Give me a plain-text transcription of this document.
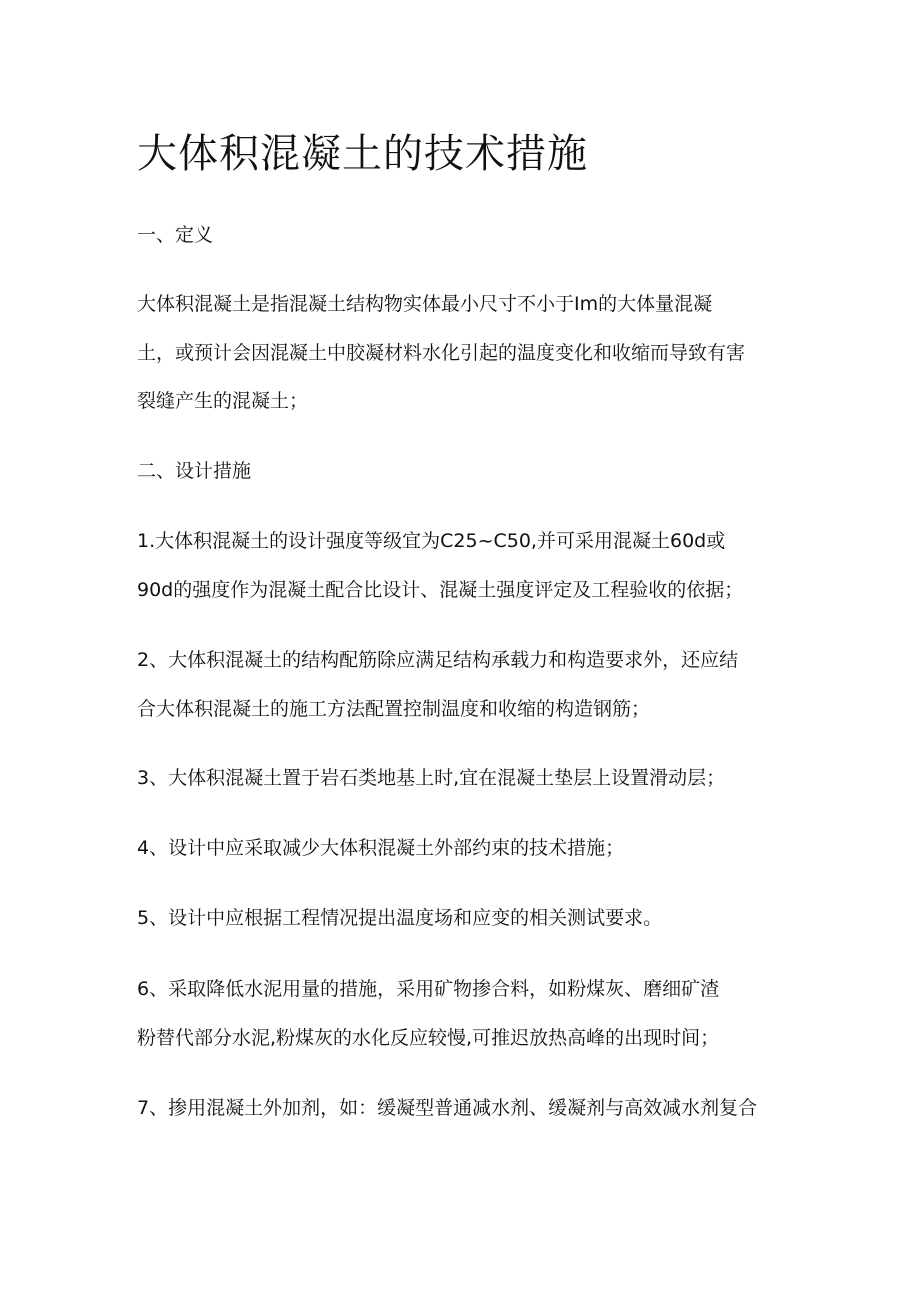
大体积混凝土的技术措施
一、定义

大体积混凝土是指混凝土结构物实体最小尺寸不小于Im的大体量混凝

土，或预计会因混凝土中胶凝材料水化引起的温度变化和收缩而导致有害

裂缝产生的混凝土；

二、设计措施

1.大体积混凝土的设计强度等级宜为C25~C50,并可采用混凝土60d或

90d的强度作为混凝土配合比设计、混凝土强度评定及工程验收的依据；

2、大体积混凝土的结构配筋除应满足结构承载力和构造要求外，还应结

合大体积混凝土的施工方法配置控制温度和收缩的构造钢筋；

3、大体积混凝土置于岩石类地基上时,宜在混凝土垫层上设置滑动层；

4、设计中应采取减少大体积混凝土外部约束的技术措施；

5、设计中应根据工程情况提出温度场和应变的相关测试要求。

6、采取降低水泥用量的措施，采用矿物掺合料，如粉煤灰、磨细矿渣

粉替代部分水泥,粉煤灰的水化反应较慢,可推迟放热高峰的出现时间；

7、掺用混凝土外加剂，如：缓凝型普通减水剂、缓凝剂与高效减水剂复合
